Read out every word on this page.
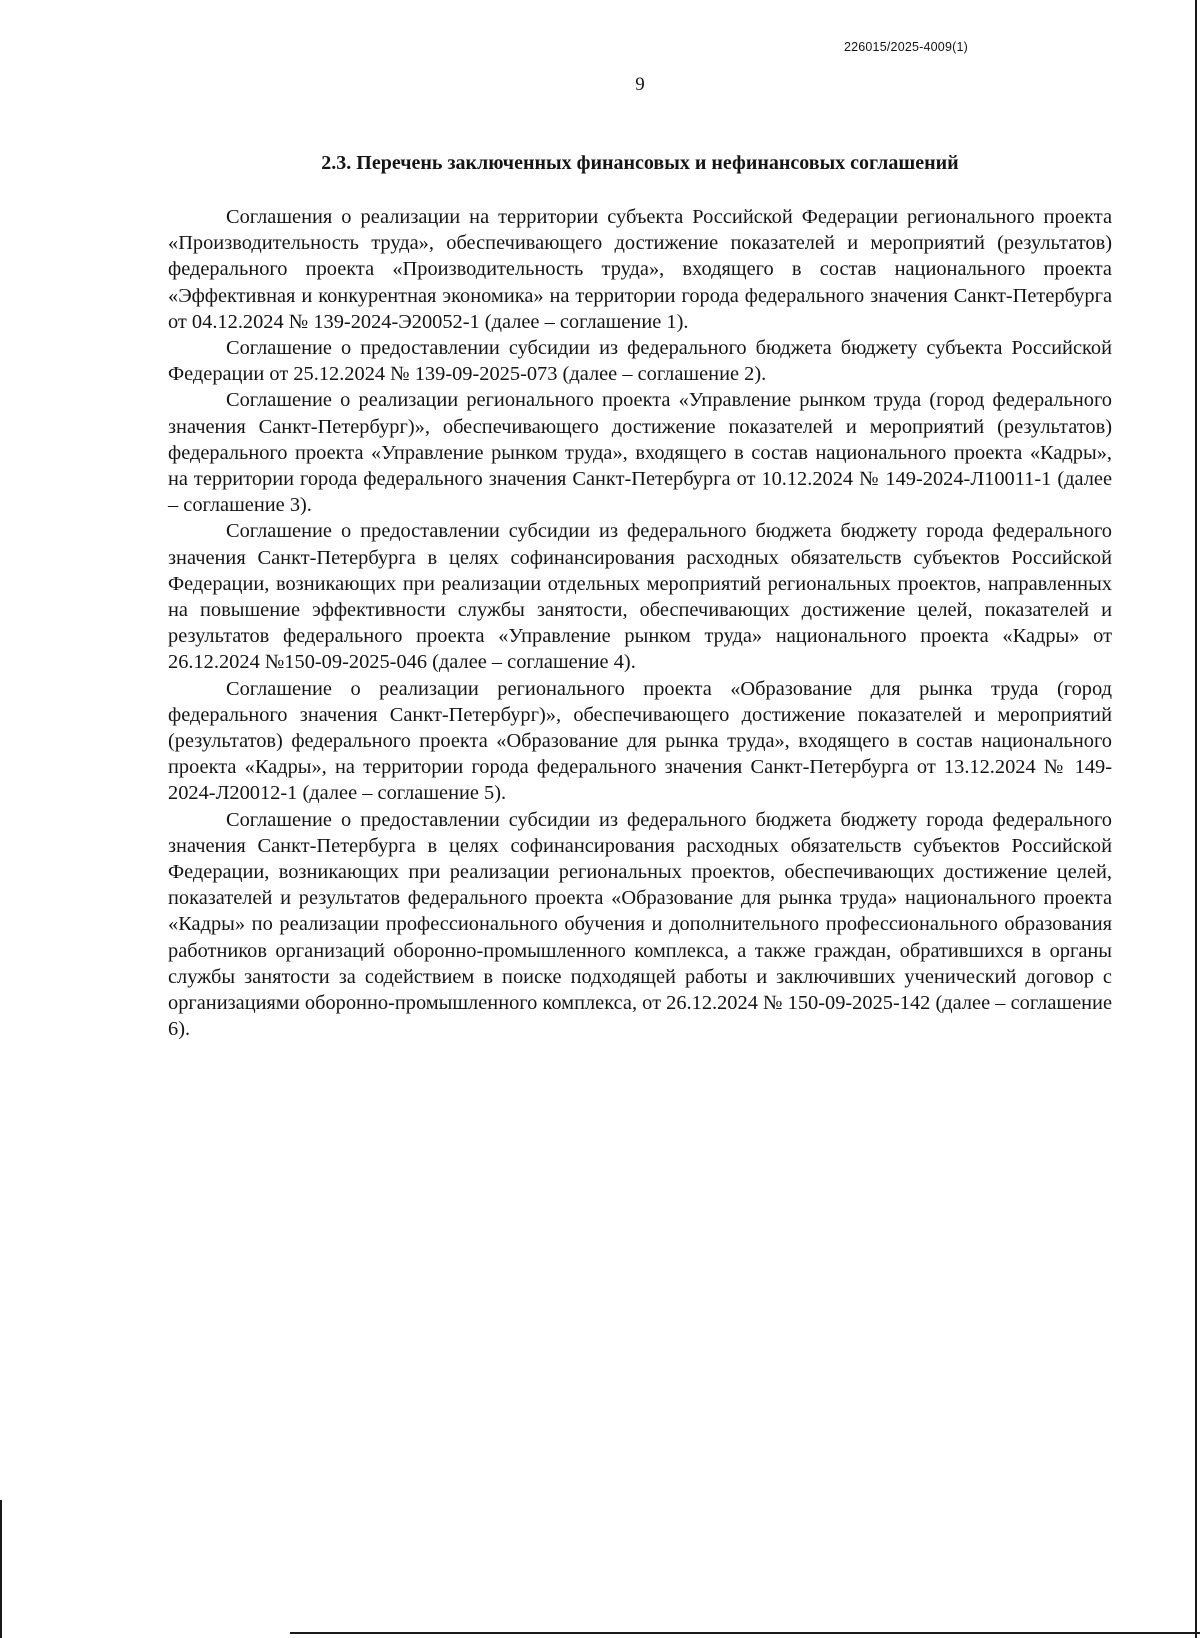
226015/2025-4009(1)
9
2.3. Перечень заключенных финансовых и нефинансовых соглашений

Соглашения о реализации на территории субъекта Российской Федерации регионального проекта «Производительность труда», обеспечивающего достижение показателей и мероприятий (результатов) федерального проекта «Производительность труда», входящего в состав национального проекта «Эффективная и конкурентная экономика» на территории города федерального значения Санкт-Петербурга от 04.12.2024 № 139-2024-Э20052-1 (далее – соглашение 1).

Соглашение о предоставлении субсидии из федерального бюджета бюджету субъекта Российской Федерации от 25.12.2024 № 139-09-2025-073 (далее – соглашение 2).

Соглашение о реализации регионального проекта «Управление рынком труда (город федерального значения Санкт-Петербург)», обеспечивающего достижение показателей и мероприятий (результатов) федерального проекта «Управление рынком труда», входящего в состав национального проекта «Кадры», на территории города федерального значения Санкт-Петербурга от 10.12.2024 № 149-2024-Л10011-1 (далее – соглашение 3).

Соглашение о предоставлении субсидии из федерального бюджета бюджету города федерального значения Санкт-Петербурга в целях софинансирования расходных обязательств субъектов Российской Федерации, возникающих при реализации отдельных мероприятий региональных проектов, направленных на повышение эффективности службы занятости, обеспечивающих достижение целей, показателей и результатов федерального проекта «Управление рынком труда» национального проекта «Кадры» от 26.12.2024 №150-09-2025-046 (далее – соглашение 4).

Соглашение о реализации регионального проекта «Образование для рынка труда (город федерального значения Санкт-Петербург)», обеспечивающего достижение показателей и мероприятий (результатов) федерального проекта «Образование для рынка труда», входящего в состав национального проекта «Кадры», на территории города федерального значения Санкт-Петербурга от 13.12.2024 № 149-2024-Л20012-1 (далее – соглашение 5).

Соглашение о предоставлении субсидии из федерального бюджета бюджету города федерального значения Санкт-Петербурга в целях софинансирования расходных обязательств субъектов Российской Федерации, возникающих при реализации региональных проектов, обеспечивающих достижение целей, показателей и результатов федерального проекта «Образование для рынка труда» национального проекта «Кадры» по реализации профессионального обучения и дополнительного профессионального образования работников организаций оборонно-промышленного комплекса, а также граждан, обратившихся в органы службы занятости за содействием в поиске подходящей работы и заключивших ученический договор с организациями оборонно-промышленного комплекса, от 26.12.2024 № 150-09-2025-142 (далее – соглашение 6).
